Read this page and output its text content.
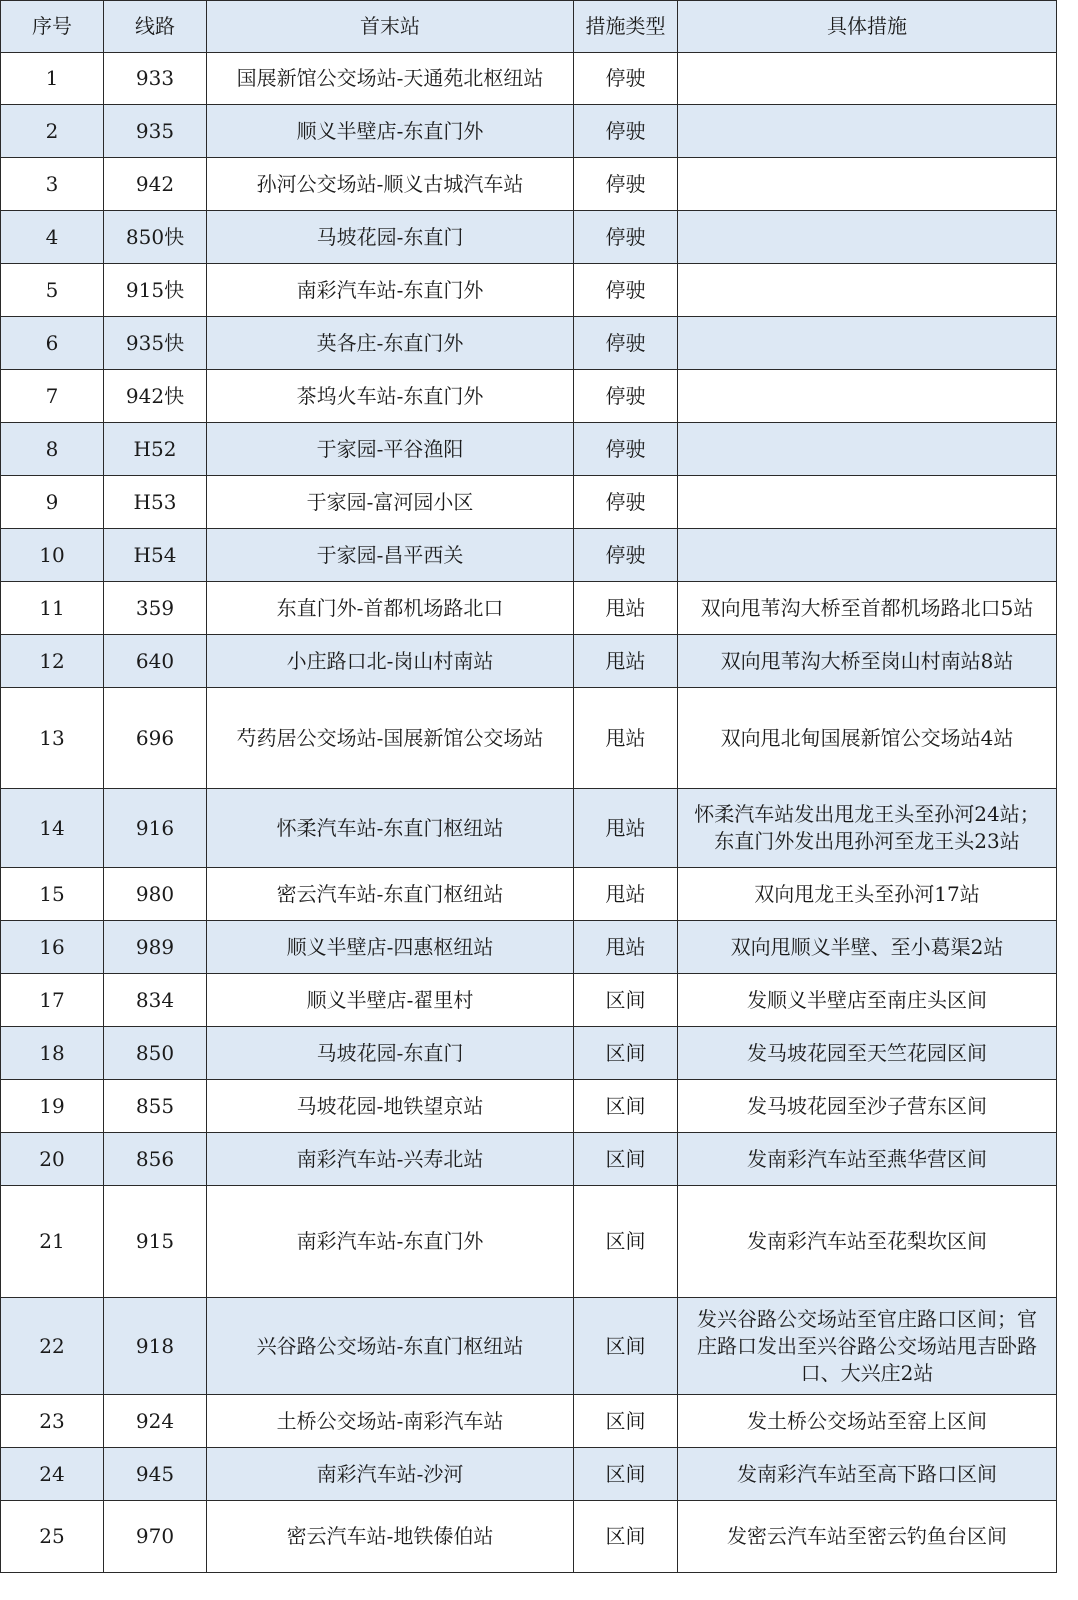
序号	线路	首末站	措施类型	具体措施
1	933	国展新馆公交场站-天通苑北枢纽站	停驶	
2	935	顺义半壁店-东直门外	停驶	
3	942	孙河公交场站-顺义古城汽车站	停驶	
4	850快	马坡花园-东直门	停驶	
5	915快	南彩汽车站-东直门外	停驶	
6	935快	英各庄-东直门外	停驶	
7	942快	茶坞火车站-东直门外	停驶	
8	H52	于家园-平谷渔阳	停驶	
9	H53	于家园-富河园小区	停驶	
10	H54	于家园-昌平西关	停驶	
11	359	东直门外-首都机场路北口	甩站	双向甩苇沟大桥至首都机场路北口5站
12	640	小庄路口北-岗山村南站	甩站	双向甩苇沟大桥至岗山村南站8站
13	696	芍药居公交场站-国展新馆公交场站	甩站	双向甩北甸国展新馆公交场站4站
14	916	怀柔汽车站-东直门枢纽站	甩站	怀柔汽车站发出甩龙王头至孙河24站；
东直门外发出甩孙河至龙王头23站
15	980	密云汽车站-东直门枢纽站	甩站	双向甩龙王头至孙河17站
16	989	顺义半壁店-四惠枢纽站	甩站	双向甩顺义半壁、至小葛渠2站
17	834	顺义半壁店-翟里村	区间	发顺义半壁店至南庄头区间
18	850	马坡花园-东直门	区间	发马坡花园至天竺花园区间
19	855	马坡花园-地铁望京站	区间	发马坡花园至沙子营东区间
20	856	南彩汽车站-兴寿北站	区间	发南彩汽车站至燕华营区间
21	915	南彩汽车站-东直门外	区间	发南彩汽车站至花梨坎区间
22	918	兴谷路公交场站-东直门枢纽站	区间	发兴谷路公交场站至官庄路口区间；官
庄路口发出至兴谷路公交场站甩吉卧路
口、大兴庄2站
23	924	土桥公交场站-南彩汽车站	区间	发土桥公交场站至窑上区间
24	945	南彩汽车站-沙河	区间	发南彩汽车站至高下路口区间
25	970	密云汽车站-地铁傣伯站	区间	发密云汽车站至密云钓鱼台区间
